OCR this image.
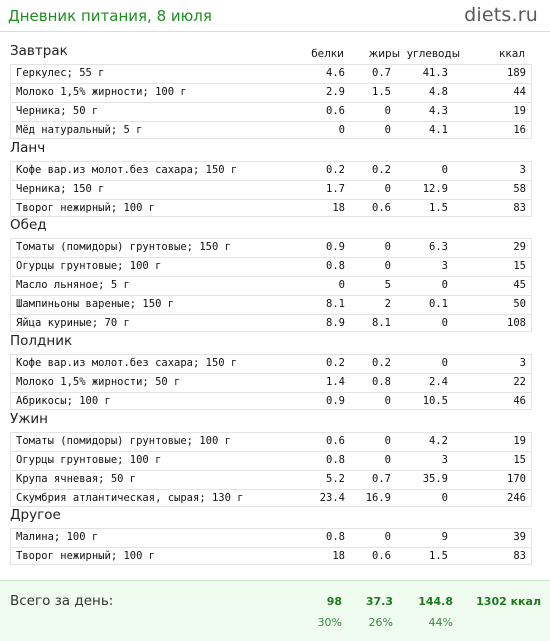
Дневник питания, 8 июля	diets.ru
белки жиры углеводы	ккал
Завтрак
Геркулес; 55 г	4.6	0.7	41.3	189
Молоко 1,5% жирности; 100 г	2.9	1.5	4.8	44
Черника; 50 г	0.6	0	4.3	19
Мёд натуральный; 5 г	0	0	4.1	16
Ланч
Кофе вар.из молот.без сахара; 150 г	0.2	0.2	0	3
Черника; 150 г	1.7	0	12.9	58
Творог нежирный; 100 г	18	0.6	1.5	83
Обед
Томаты (помидоры) грунтовые; 150 г	0.9	0	6.3	29
Огурцы грунтовые; 100 г	0.8	0	3	15
Масло льняное; 5 г	0	5	0	45
Шампиньоны вареные; 150 г	8.1	2	0.1	50
Яйца куриные; 70 г	8.9	8.1	0	108
Полдник
Кофе вар.из молот.без сахара; 150 г	0.2	0.2	0	3
Молоко 1,5% жирности; 50 г	1.4	0.8	2.4	22
Абрикосы; 100 г	0.9	0	10.5	46
Ужин
Томаты (помидоры) грунтовые; 100 г	0.6	0	4.2	19
Огурцы грунтовые; 100 г	0.8	0	3	15
Крупа ячневая; 50 г	5.2	0.7	35.9	170
Скумбрия атлантическая, сырая; 130 г	23.4 16.9	0	246
Другое
Малина; 100 г	0.8	0	9	39
Творог нежирный; 100 г	18	0.6	1.5	83
Всего за день:	98 37.3 144.8 1302 ккал
30% 26%	44%
